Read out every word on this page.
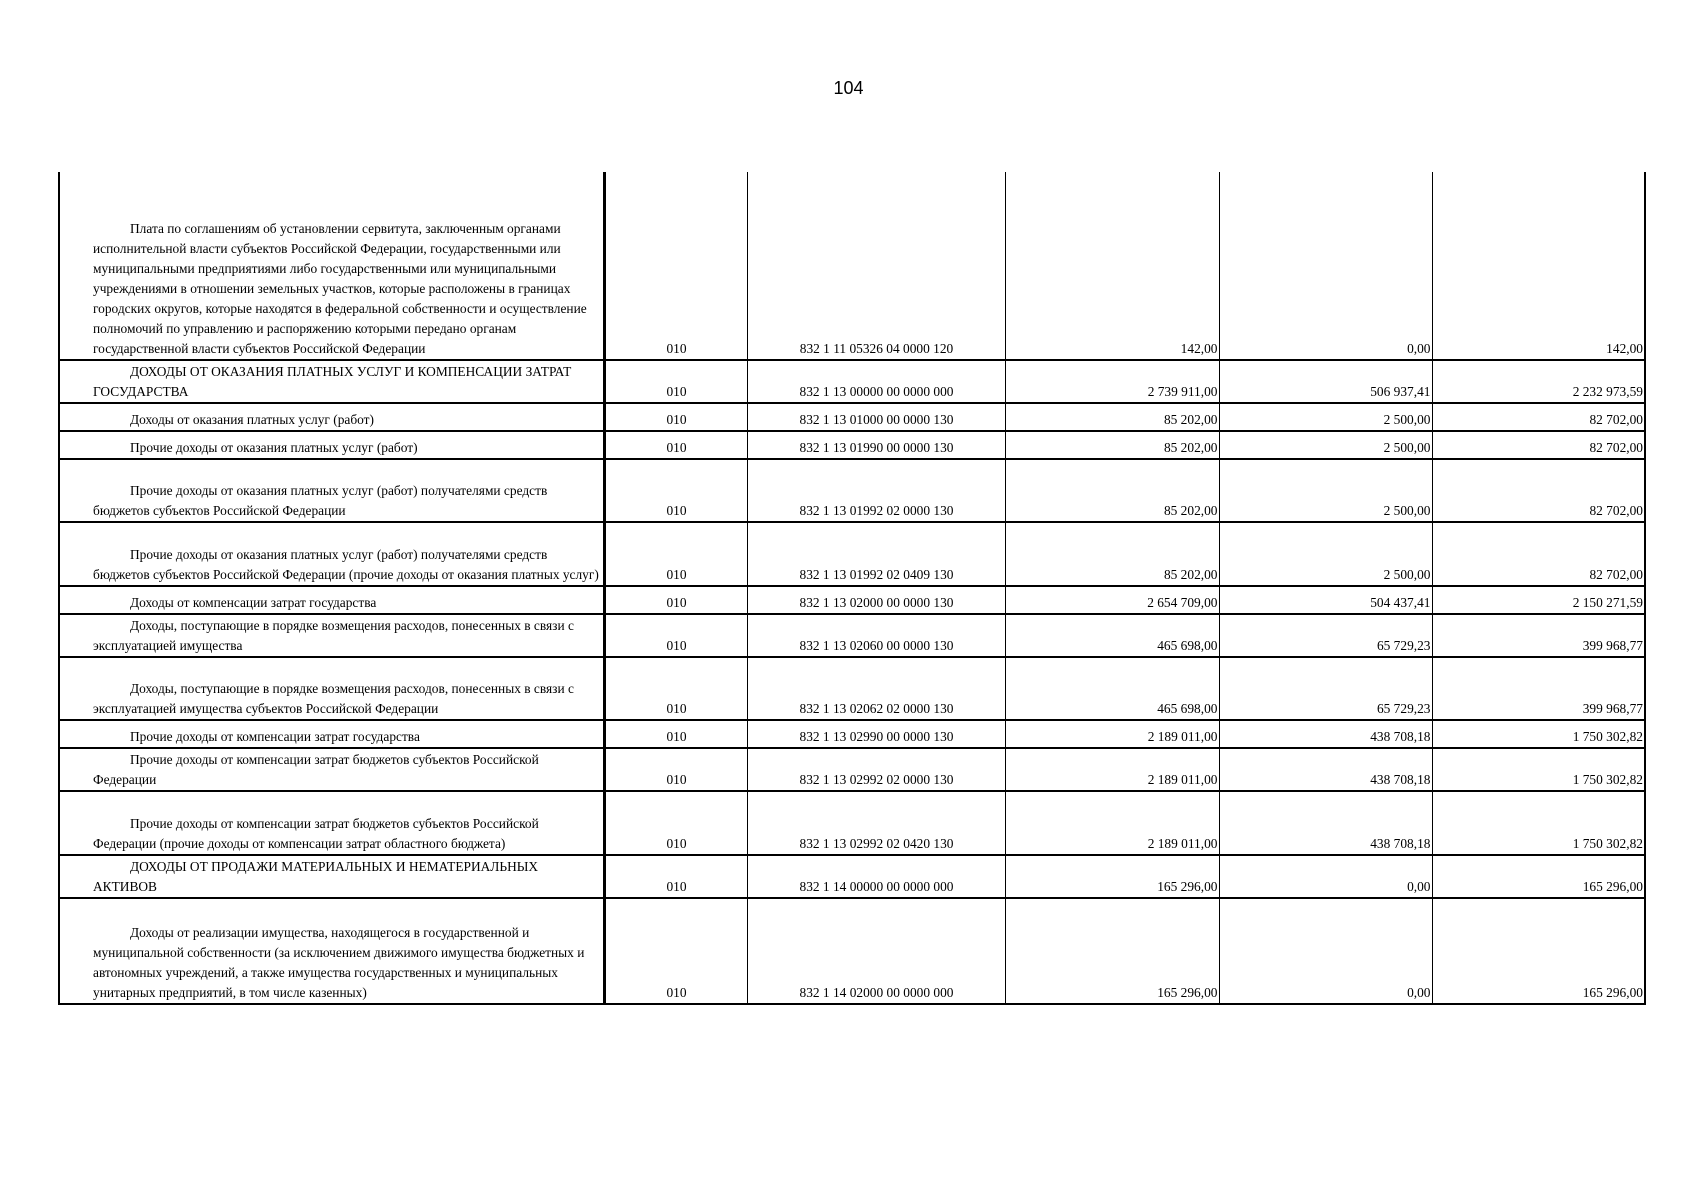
104
Плата по соглашениям об установлении сервитута, заключенным органами исполнительной власти субъектов Российской Федерации, государственными или муниципальными предприятиями либо государственными или муниципальными учреждениями в отношении земельных участков, которые расположены в границах городских округов, которые находятся в федеральной собственности и осуществление полномочий по управлению и распоряжению которыми передано органам государственной власти субъектов Российской Федерации	010	832 1 11 05326 04 0000 120	142,00	0,00	142,00

ДОХОДЫ ОТ ОКАЗАНИЯ ПЛАТНЫХ УСЛУГ И КОМПЕНСАЦИИ ЗАТРАТ ГОСУДАРСТВА	010	832 1 13 00000 00 0000 000	2 739 911,00	506 937,41	2 232 973,59

Доходы от оказания платных услуг (работ)	010	832 1 13 01000 00 0000 130	85 202,00	2 500,00	82 702,00

Прочие доходы от оказания платных услуг (работ)	010	832 1 13 01990 00 0000 130	85 202,00	2 500,00	82 702,00

Прочие доходы от оказания платных услуг (работ) получателями средств бюджетов субъектов Российской Федерации	010	832 1 13 01992 02 0000 130	85 202,00	2 500,00	82 702,00

Прочие доходы от оказания платных услуг (работ) получателями средств бюджетов субъектов Российской Федерации (прочие доходы от оказания платных услуг)	010	832 1 13 01992 02 0409 130	85 202,00	2 500,00	82 702,00

Доходы от компенсации затрат государства	010	832 1 13 02000 00 0000 130	2 654 709,00	504 437,41	2 150 271,59

Доходы, поступающие в порядке возмещения расходов, понесенных в связи с эксплуатацией имущества	010	832 1 13 02060 00 0000 130	465 698,00	65 729,23	399 968,77

Доходы, поступающие в порядке возмещения расходов, понесенных в связи с эксплуатацией имущества субъектов Российской Федерации	010	832 1 13 02062 02 0000 130	465 698,00	65 729,23	399 968,77

Прочие доходы от компенсации затрат государства	010	832 1 13 02990 00 0000 130	2 189 011,00	438 708,18	1 750 302,82

Прочие доходы от компенсации затрат бюджетов субъектов Российской Федерации	010	832 1 13 02992 02 0000 130	2 189 011,00	438 708,18	1 750 302,82

Прочие доходы от компенсации затрат бюджетов субъектов Российской Федерации (прочие доходы от компенсации затрат областного бюджета)	010	832 1 13 02992 02 0420 130	2 189 011,00	438 708,18	1 750 302,82

ДОХОДЫ ОТ ПРОДАЖИ МАТЕРИАЛЬНЫХ И НЕМАТЕРИАЛЬНЫХ АКТИВОВ	010	832 1 14 00000 00 0000 000	165 296,00	0,00	165 296,00

Доходы от реализации имущества, находящегося в государственной и муниципальной собственности (за исключением движимого имущества бюджетных и автономных учреждений, а также имущества государственных и муниципальных унитарных предприятий, в том числе казенных)	010	832 1 14 02000 00 0000 000	165 296,00	0,00	165 296,00
